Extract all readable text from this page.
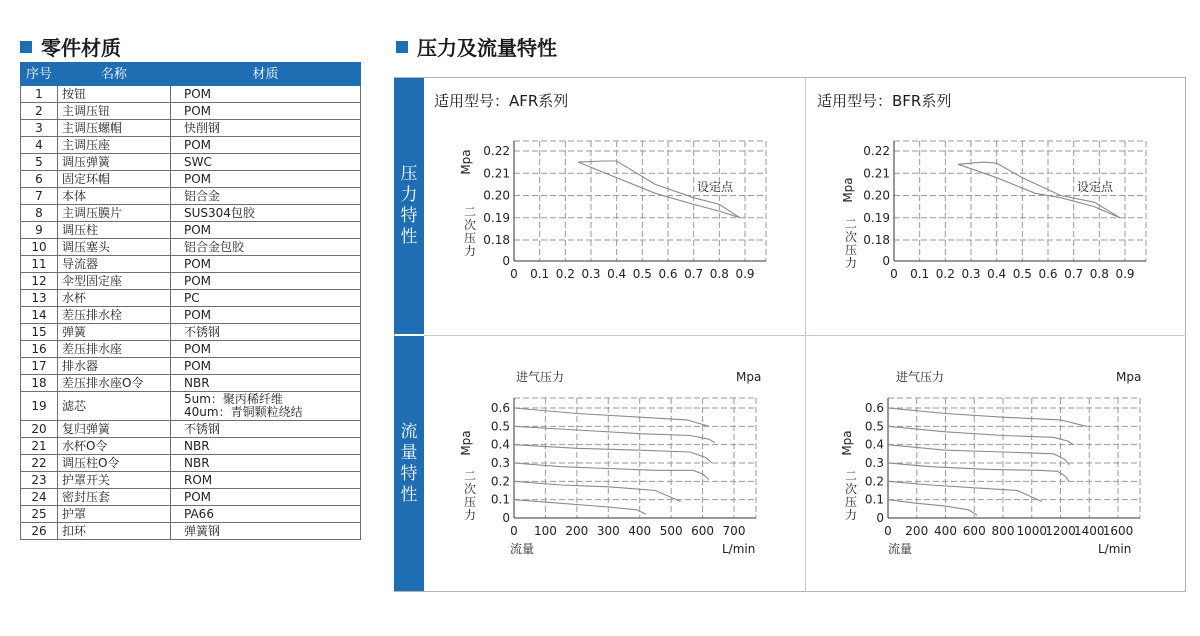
零件材质
序号	名称	材质
1	按钮	POM
2	主调压钮	POM
3	主调压螺帽	快削钢
4	主调压座	POM
5	调压弹簧	SWC
6	固定环帽	POM
7	本体	铝合金
8	主调压膜片	SUS304包胶
9	调压柱	POM
10	调压塞头	铝合金包胶
11	导流器	POM
12	伞型固定座	POM
13	水杯	PC
14	差压排水栓	POM
15	弹簧	不锈钢
16	差压排水座	POM
17	排水器	POM
18	差压排水座O令	NBR
19	滤芯	5um：聚丙稀纤维
40um：青铜颗粒绕结
20	复归弹簧	不锈钢
21	水杯O令	NBR
22	调压柱O令	NBR
23	护罩开关	ROM
24	密封压套	POM
25	护罩	PA66
26	扣环	弹簧钢
压力及流量特性
压力特性
流量特性
适用型号：AFR系列	适用型号：BFR系列
0
0.18
0.19
0.20
0.21
0.22
0 0.1 0.2 0.3 0.4 0.5 0.6 0.7 0.8 0.9
二
次
压
力
Mpa
设定点
0
0.18
0.19
0.20
0.21
0.22
0 0.1 0.2 0.3 0.4 0.5 0.6 0.7 0.8 0.9
二
次
压
力
Mpa	设定点
0
0.1
0.2
0.3
0.4
0.5
0.6
0 100 200 300 400 500 600 700
二
次
压
力
Mpa
进气压力	Mpa
流量	L/min
0
0.1
0.2
0.3
0.4
0.5
0.6
0 200 400 600 800 1000
1200
1400
1600
二
次
压
力
Mpa
进气压力	Mpa
流量	L/min
